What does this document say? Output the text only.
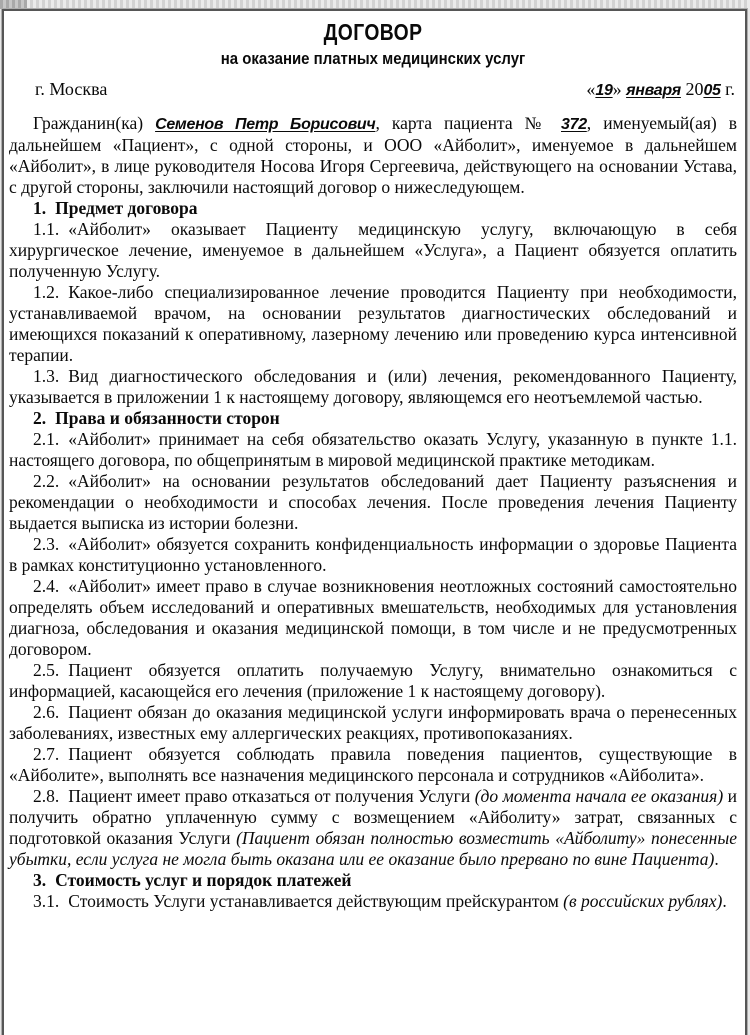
ДОГОВОР
на оказание платных медицинских услуг
г. Москва	«19» января 2005 г.

Гражданин(ка) Семенов Петр Борисович, карта пациента № 372, именуемый(ая) в дальнейшем «Пациент», с одной стороны, и ООО «Айболит», именуемое в дальнейшем «Айболит», в лице руководителя Носова Игоря Сергеевича, действующего на основании Устава, с другой стороны, заключили настоящий договор о нижеследующем.

1. Предмет договора

1.1. «Айболит» оказывает Пациенту медицинскую услугу, включающую в себя хирургическое лечение, именуемое в дальнейшем «Услуга», а Пациент обязуется оплатить полученную Услугу.

1.2. Какое-либо специализированное лечение проводится Пациенту при необходимости, устанавливаемой врачом, на основании результатов диагностических обследований и имеющихся показаний к оперативному, лазерному лечению или проведению курса интенсивной терапии.

1.3. Вид диагностического обследования и (или) лечения, рекомендованного Пациенту, указывается в приложении 1 к настоящему договору, являющемся его неотъемлемой частью.

2. Права и обязанности сторон

2.1. «Айболит» принимает на себя обязательство оказать Услугу, указанную в пункте 1.1. настоящего договора, по общепринятым в мировой медицинской практике методикам.

2.2. «Айболит» на основании результатов обследований дает Пациенту разъяснения и рекомендации о необходимости и способах лечения. После проведения лечения Пациенту выдается выписка из истории болезни.

2.3. «Айболит» обязуется сохранить конфиденциальность информации о здоровье Пациента в рамках конституционно установленного.

2.4. «Айболит» имеет право в случае возникновения неотложных состояний самостоятельно определять объем исследований и оперативных вмешательств, необходимых для установления диагноза, обследования и оказания медицинской помощи, в том числе и не предусмотренных договором.

2.5. Пациент обязуется оплатить получаемую Услугу, внимательно ознакомиться с информацией, касающейся его лечения (приложение 1 к настоящему договору).

2.6. Пациент обязан до оказания медицинской услуги информировать врача о перенесенных заболеваниях, известных ему аллергических реакциях, противопоказаниях.

2.7. Пациент обязуется соблюдать правила поведения пациентов, существующие в «Айболите», выполнять все назначения медицинского персонала и сотрудников «Айболита».

2.8. Пациент имеет право отказаться от получения Услуги (до момента начала ее оказания) и получить обратно уплаченную сумму с возмещением «Айболиту» затрат, связанных с подготовкой оказания Услуги (Пациент обязан полностью возместить «Айболиту» понесенные убытки, если услуга не могла быть оказана или ее оказание было прервано по вине Пациента).

3. Стоимость услуг и порядок платежей

3.1. Стоимость Услуги устанавливается действующим прейскурантом (в российских рублях).
